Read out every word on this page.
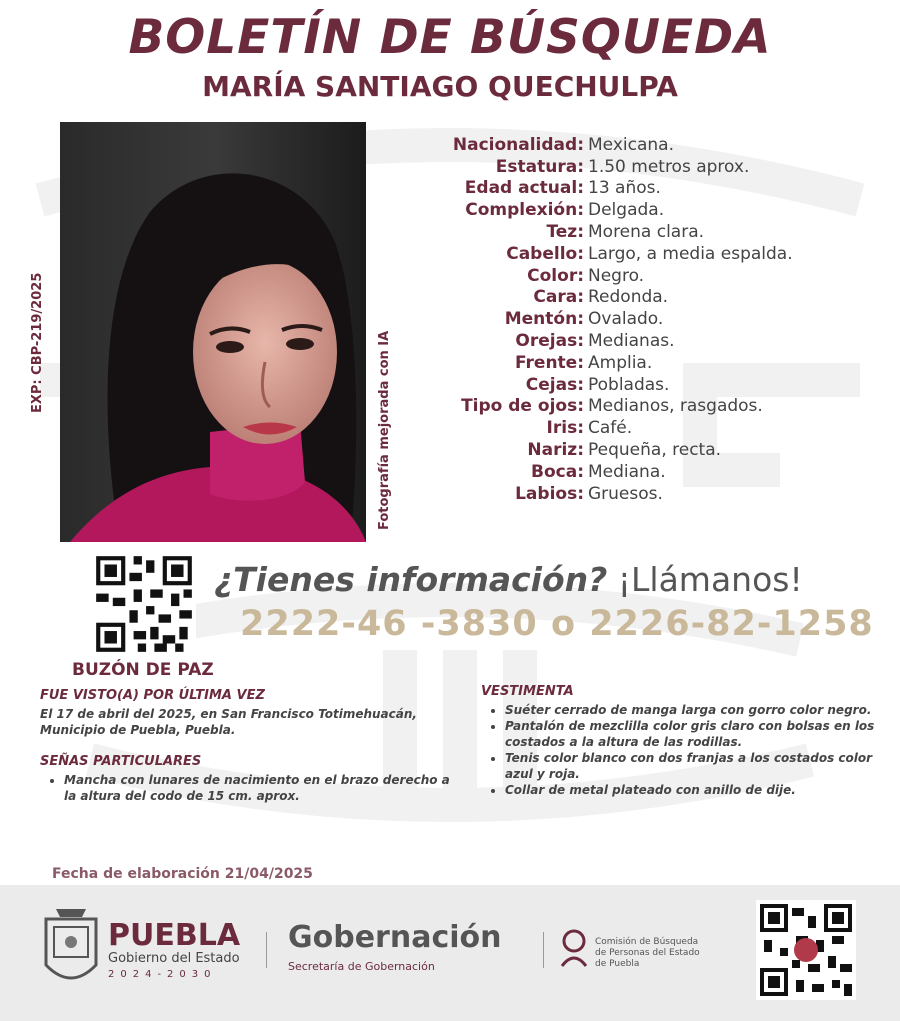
BOLETÍN DE BÚSQUEDA
MARÍA SANTIAGO QUECHULPA
EXP: CBP-219/2025	Fotografía mejorada con IA
Nacionalidad: Mexicana.
Estatura: 1.50 metros aprox.
Edad actual: 13 años.
Complexión: Delgada.
Tez: Morena clara.
Cabello: Largo, a media espalda.
Color: Negro.
Cara: Redonda.
Mentón: Ovalado.
Orejas: Medianas.
Frente: Amplia.
Cejas: Pobladas.
Tipo de ojos: Medianos, rasgados.
Iris: Café.
Nariz: Pequeña, recta.
Boca: Mediana.
Labios: Gruesos.
BUZÓN DE PAZ
¿Tienes información? ¡Llámanos!
2222-46 -3830 o 2226-82-1258

FUE VISTO(A) POR ÚLTIMA VEZ

El 17 de abril del 2025, en San Francisco Totimehuacán, Municipio de Puebla, Puebla.

SEÑAS PARTICULARES

• Mancha con lunares de nacimiento en el brazo derecho a la altura del codo de 15 cm. aprox.

VESTIMENTA

• Suéter cerrado de manga larga con gorro color negro.
• Pantalón de mezclilla color gris claro con bolsas en los costados a la altura de las rodillas.
• Tenis color blanco con dos franjas a los costados color azul y roja.
• Collar de metal plateado con anillo de dije.
Fecha de elaboración 21/04/2025
PUEBLA
Gobierno del Estado
2024-2030
Gobernación
Secretaría de Gobernación
Comisión de Búsqueda
de Personas del Estado
de Puebla
